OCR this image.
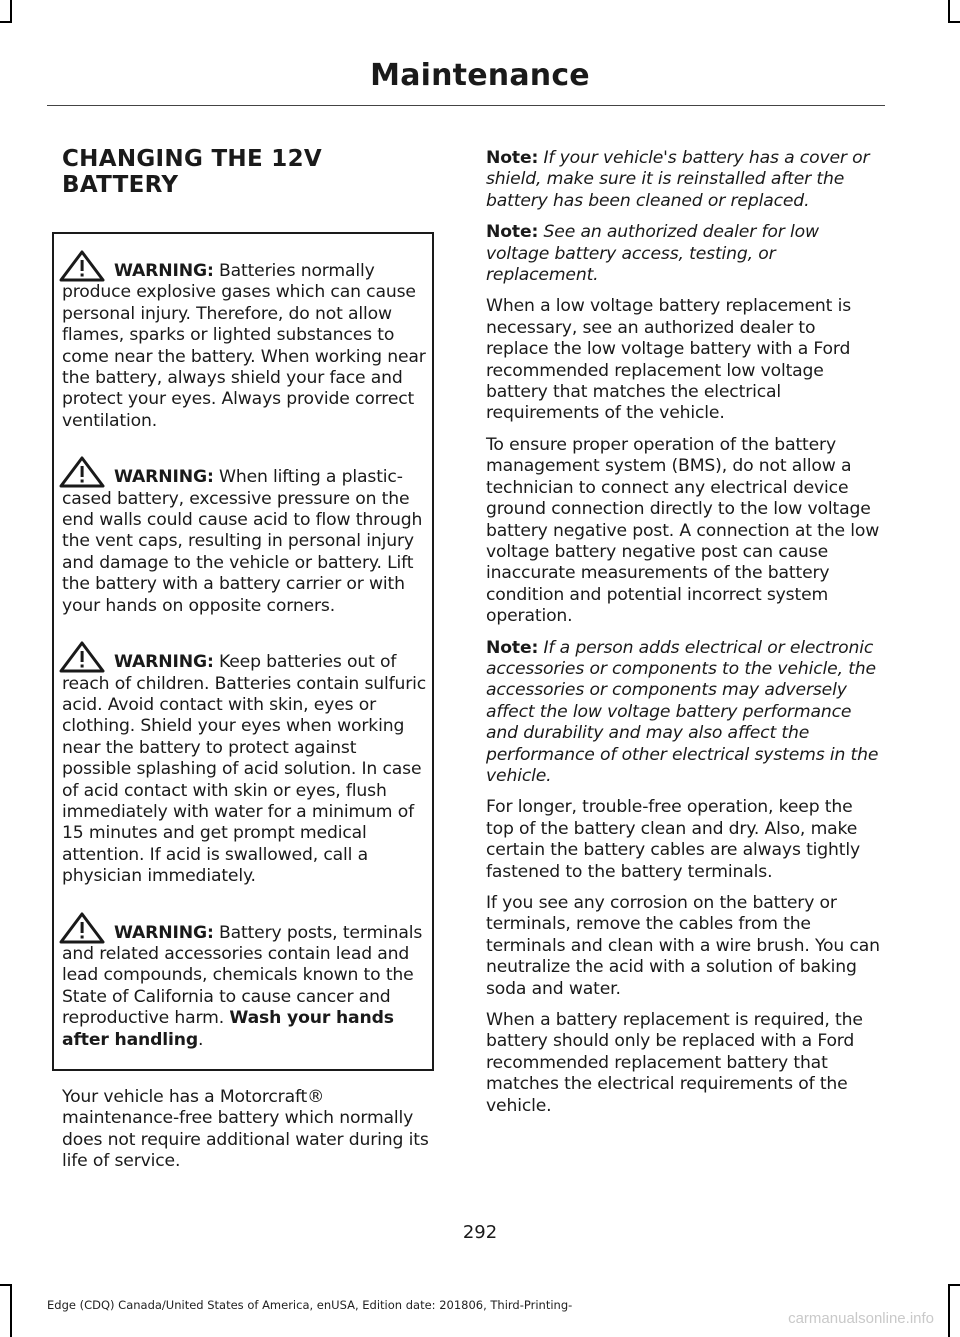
Maintenance
CHANGING THE 12V BATTERY

WARNING: Batteries normally produce explosive gases which can cause personal injury. Therefore, do not allow flames, sparks or lighted substances to come near the battery. When working near the battery, always shield your face and protect your eyes. Always provide correct ventilation.

WARNING: When lifting a plastic-cased battery, excessive pressure on the end walls could cause acid to flow through the vent caps, resulting in personal injury and damage to the vehicle or battery. Lift the battery with a battery carrier or with your hands on opposite corners.

WARNING: Keep batteries out of reach of children. Batteries contain sulfuric acid. Avoid contact with skin, eyes or clothing. Shield your eyes when working near the battery to protect against possible splashing of acid solution. In case of acid contact with skin or eyes, flush immediately with water for a minimum of 15 minutes and get prompt medical attention. If acid is swallowed, call a physician immediately.

WARNING: Battery posts, terminals and related accessories contain lead and lead compounds, chemicals known to the State of California to cause cancer and reproductive harm. Wash your hands after handling.

Your vehicle has a Motorcraft® maintenance-free battery which normally does not require additional water during its life of service.

Note: If your vehicle's battery has a cover or shield, make sure it is reinstalled after the battery has been cleaned or replaced.

Note: See an authorized dealer for low voltage battery access, testing, or replacement.

When a low voltage battery replacement is necessary, see an authorized dealer to replace the low voltage battery with a Ford recommended replacement low voltage battery that matches the electrical requirements of the vehicle.

To ensure proper operation of the battery management system (BMS), do not allow a technician to connect any electrical device ground connection directly to the low voltage battery negative post. A connection at the low voltage battery negative post can cause inaccurate measurements of the battery condition and potential incorrect system operation.

Note: If a person adds electrical or electronic accessories or components to the vehicle, the accessories or components may adversely affect the low voltage battery performance and durability and may also affect the performance of other electrical systems in the vehicle.

For longer, trouble-free operation, keep the top of the battery clean and dry. Also, make certain the battery cables are always tightly fastened to the battery terminals.

If you see any corrosion on the battery or terminals, remove the cables from the terminals and clean with a wire brush. You can neutralize the acid with a solution of baking soda and water.

When a battery replacement is required, the battery should only be replaced with a Ford recommended replacement battery that matches the electrical requirements of the vehicle.

292
Edge (CDQ) Canada/United States of America, enUSA, Edition date: 201806, Third-Printing-
carmanualsonline.info
